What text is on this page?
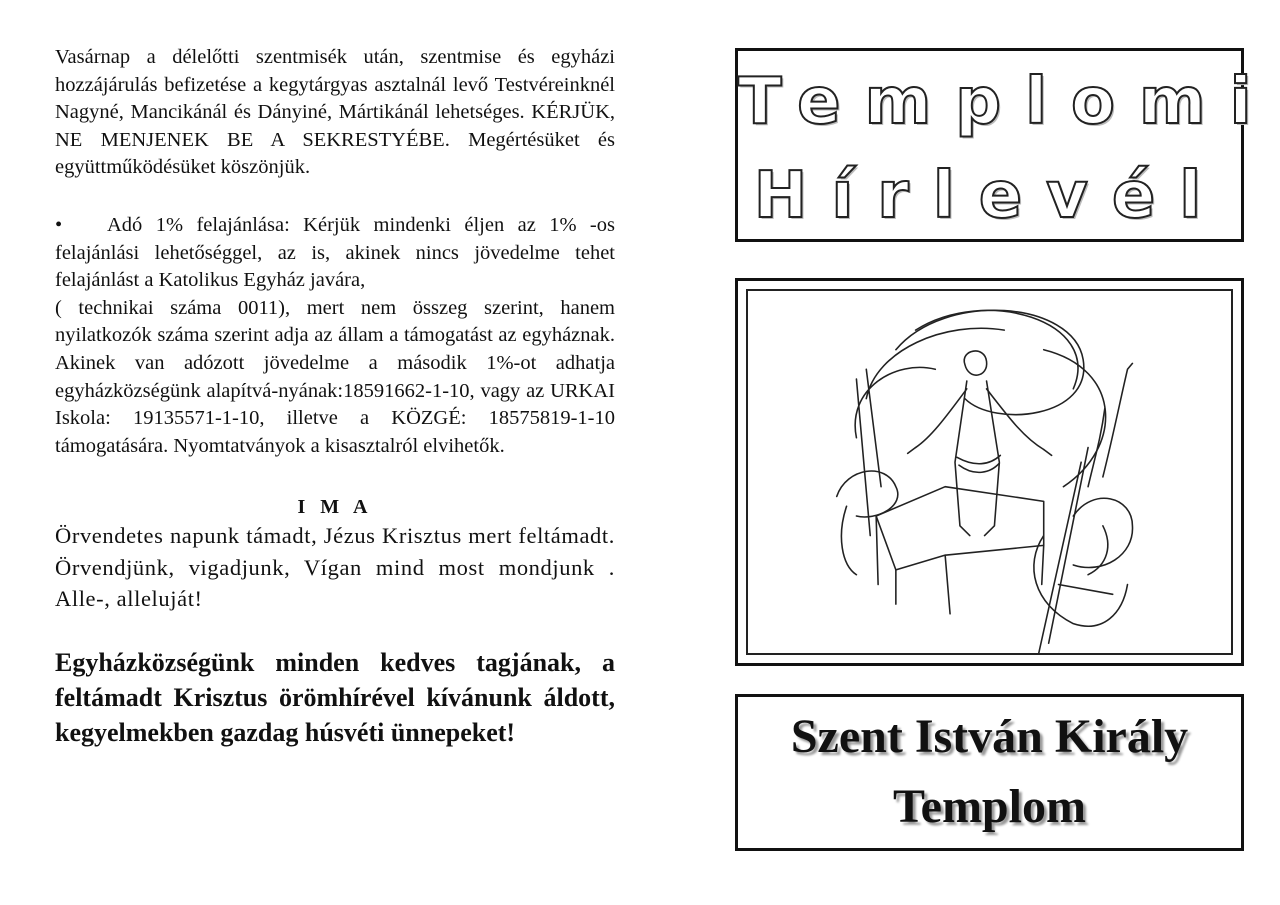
Vasárnap a délelőtti szentmisék után, szentmise és egyházi hozzájárulás befizetése a kegytárgyas asztalnál levő Testvéreinknél Nagyné, Mancikánál és Dányiné, Mártikánál lehetséges. KÉRJÜK, NE MENJENEK BE A SEKRESTYÉBE. Megértésüket és együttműködésüket köszönjük.

• Adó 1% felajánlása: Kérjük mindenki éljen az 1% -os felajánlási lehetőséggel, az is, akinek nincs jövedelme tehet felajánlást a Katolikus Egyház javára,

( technikai száma 0011), mert nem összeg szerint, hanem nyilatkozók száma szerint adja az állam a támogatást az egyháznak. Akinek van adózott jövedelme a második 1%-ot adhatja egyházközségünk alapítvá-nyának:18591662-1-10, vagy az URKAI Iskola: 19135571-1-10, illetve a KÖZGÉ: 18575819-1-10 támogatására. Nyomtatványok a kisasztalról elvihetők.

I M A

Örvendetes napunk támadt, Jézus Krisztus mert feltámadt. Örvendjünk, vigadjunk, Vígan mind most mondjunk . Alle-, alleluját!

Egyházközségünk minden kedves tagjának, a feltámadt Krisztus örömhírével kívánunk áldott, kegyelmekben gazdag húsvéti ünnepeket!

Templomi
Hírlevél
Szent István Király
Templom
